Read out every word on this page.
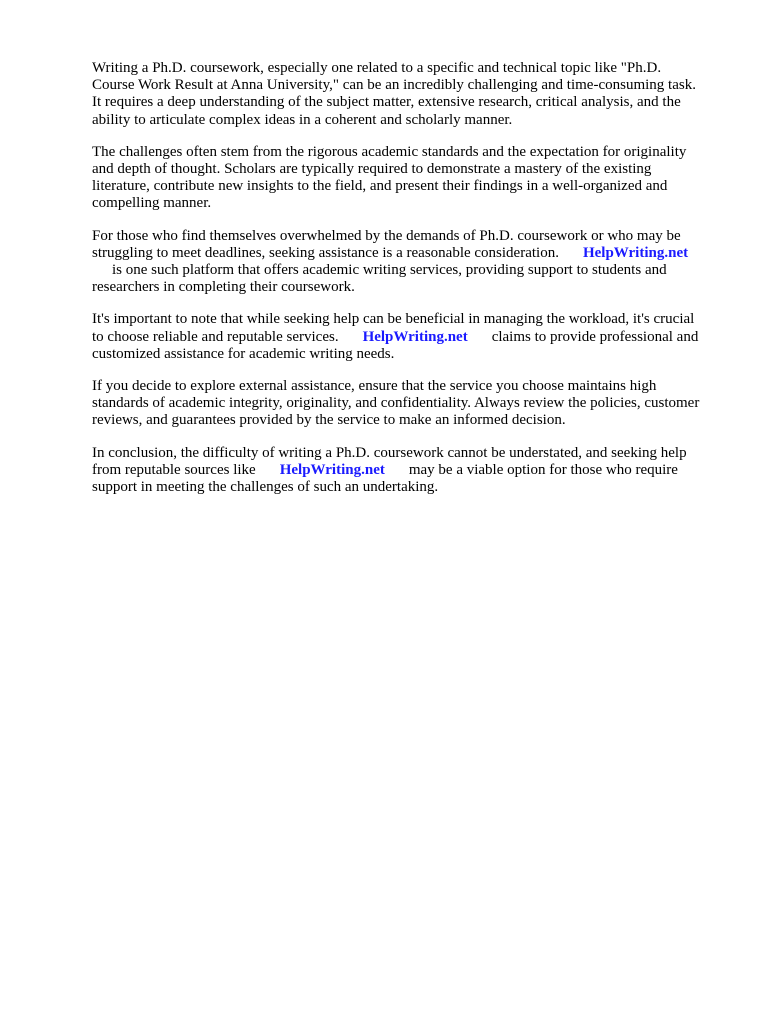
Writing a Ph.D. coursework, especially one related to a specific and technical topic like "Ph.D.
Course Work Result at Anna University," can be an incredibly challenging and time-consuming task.
It requires a deep understanding of the subject matter, extensive research, critical analysis, and the
ability to articulate complex ideas in a coherent and scholarly manner.
The challenges often stem from the rigorous academic standards and the expectation for originality
and depth of thought. Scholars are typically required to demonstrate a mastery of the existing
literature, contribute new insights to the field, and present their findings in a well-organized and
compelling manner.
For those who find themselves overwhelmed by the demands of Ph.D. coursework or who may be
struggling to meet deadlines, seeking assistance is a reasonable consideration. HelpWriting.net
is one such platform that offers academic writing services, providing support to students and
researchers in completing their coursework.
It's important to note that while seeking help can be beneficial in managing the workload, it's crucial
to choose reliable and reputable services. HelpWriting.net claims to provide professional and
customized assistance for academic writing needs.
If you decide to explore external assistance, ensure that the service you choose maintains high
standards of academic integrity, originality, and confidentiality. Always review the policies, customer
reviews, and guarantees provided by the service to make an informed decision.
In conclusion, the difficulty of writing a Ph.D. coursework cannot be understated, and seeking help
from reputable sources like HelpWriting.net may be a viable option for those who require
support in meeting the challenges of such an undertaking.
